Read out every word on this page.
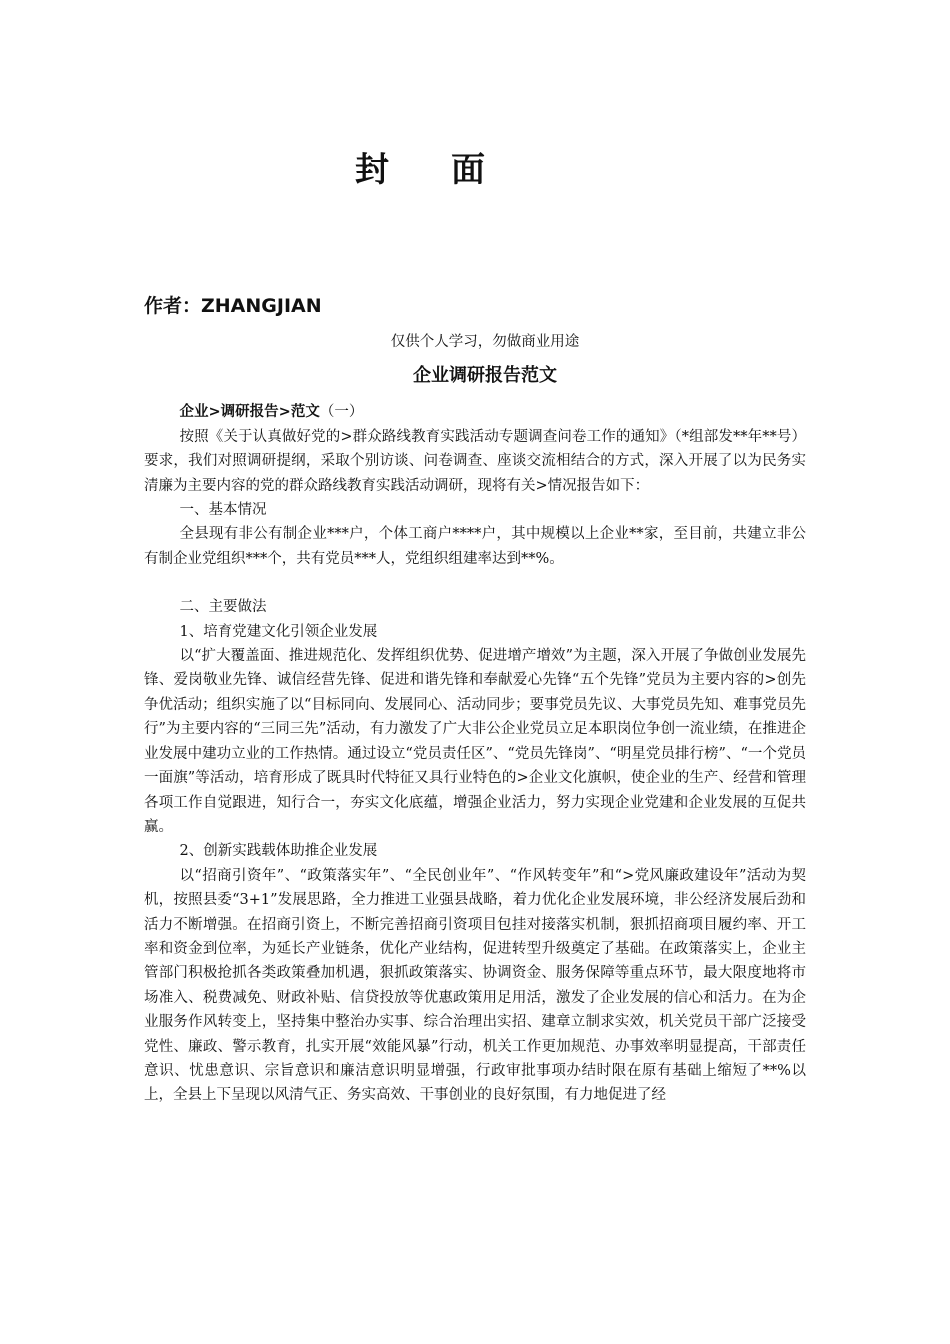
封 面
作者：ZHANGJIAN
仅供个人学习，勿做商业用途
企业调研报告范文

企业>调研报告>范文（一）

按照《关于认真做好党的>群众路线教育实践活动专题调查问卷工作的通知》（*组部发**年**号）要求，我们对照调研提纲，采取个别访谈、问卷调查、座谈交流相结合的方式，深入开展了以为民务实清廉为主要内容的党的群众路线教育实践活动调研，现将有关>情况报告如下：

一、基本情况

全县现有非公有制企业***户，个体工商户****户，其中规模以上企业**家，至目前，共建立非公有制企业党组织***个，共有党员***人，党组织组建率达到**%。

二、主要做法

1、培育党建文化引领企业发展

以“扩大覆盖面、推进规范化、发挥组织优势、促进增产增效”为主题，深入开展了争做创业发展先锋、爱岗敬业先锋、诚信经营先锋、促进和谐先锋和奉献爱心先锋“五个先锋”党员为主要内容的>创先争优活动；组织实施了以“目标同向、发展同心、活动同步；要事党员先议、大事党员先知、难事党员先行”为主要内容的“三同三先”活动，有力激发了广大非公企业党员立足本职岗位争创一流业绩，在推进企业发展中建功立业的工作热情。通过设立“党员责任区”、“党员先锋岗”、“明星党员排行榜”、“一个党员一面旗”等活动，培育形成了既具时代特征又具行业特色的>企业文化旗帜，使企业的生产、经营和管理各项工作自觉跟进，知行合一，夯实文化底蕴，增强企业活力，努力实现企业党建和企业发展的互促共赢。

2、创新实践载体助推企业发展

以“招商引资年”、“政策落实年”、“全民创业年”、“作风转变年”和“>党风廉政建设年”活动为契机，按照县委“3+1”发展思路，全力推进工业强县战略，着力优化企业发展环境，非公经济发展后劲和活力不断增强。在招商引资上，不断完善招商引资项目包挂对接落实机制，狠抓招商项目履约率、开工率和资金到位率，为延长产业链条，优化产业结构，促进转型升级奠定了基础。在政策落实上，企业主管部门积极抢抓各类政策叠加机遇，狠抓政策落实、协调资金、服务保障等重点环节，最大限度地将市场准入、税费减免、财政补贴、信贷投放等优惠政策用足用活，激发了企业发展的信心和活力。在为企业服务作风转变上，坚持集中整治办实事、综合治理出实招、建章立制求实效，机关党员干部广泛接受党性、廉政、警示教育，扎实开展“效能风暴”行动，机关工作更加规范、办事效率明显提高，干部责任意识、忧患意识、宗旨意识和廉洁意识明显增强，行政审批事项办结时限在原有基础上缩短了**%以上，全县上下呈现以风清气正、务实高效、干事创业的良好氛围，有力地促进了经
